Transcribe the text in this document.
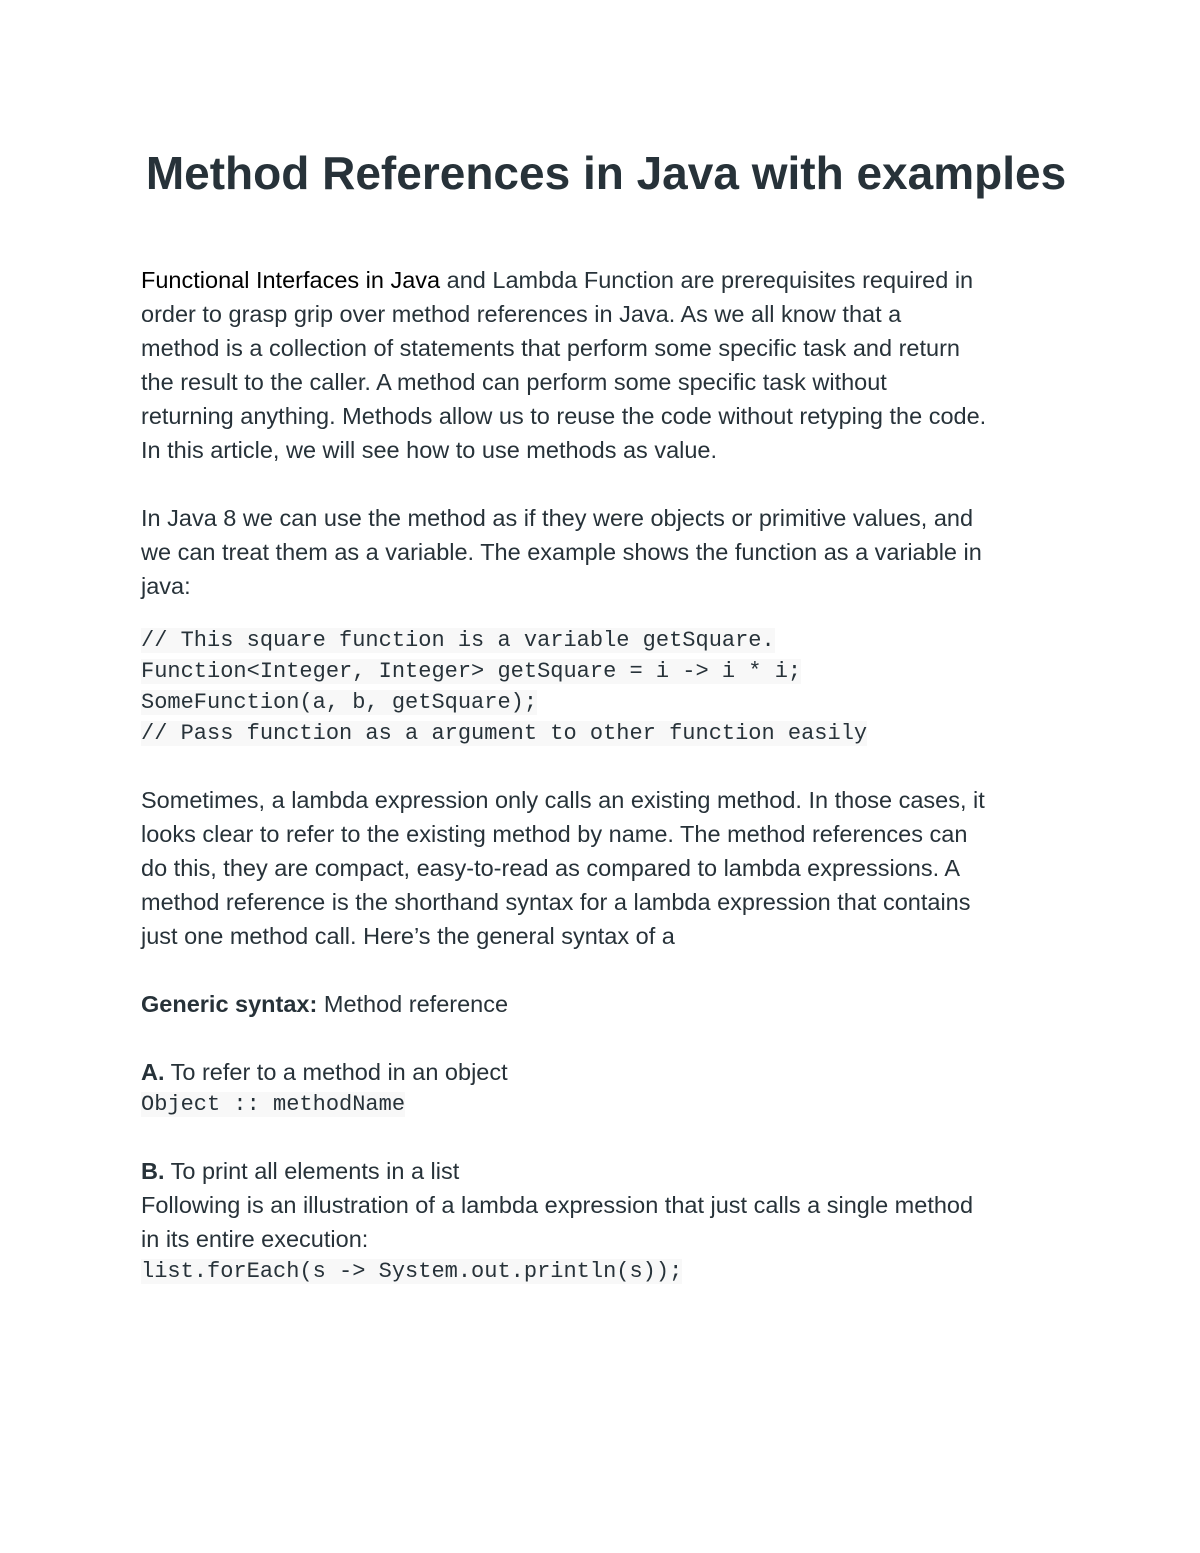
Method References in Java with examples
Functional Interfaces in Java and Lambda Function are prerequisites required in
order to grasp grip over method references in Java. As we all know that a
method is a collection of statements that perform some specific task and return
the result to the caller. A method can perform some specific task without
returning anything. Methods allow us to reuse the code without retyping the code.
In this article, we will see how to use methods as value.
In Java 8 we can use the method as if they were objects or primitive values, and
we can treat them as a variable. The example shows the function as a variable in
java:
// This square function is a variable getSquare.
Function<Integer, Integer> getSquare = i -> i * i;
SomeFunction(a, b, getSquare);
// Pass function as a argument to other function easily
Sometimes, a lambda expression only calls an existing method. In those cases, it
looks clear to refer to the existing method by name. The method references can
do this, they are compact, easy-to-read as compared to lambda expressions. A
method reference is the shorthand syntax for a lambda expression that contains
just one method call. Here’s the general syntax of a
Generic syntax: Method reference
A. To refer to a method in an object
Object :: methodName
B. To print all elements in a list
Following is an illustration of a lambda expression that just calls a single method
in its entire execution:
list.forEach(s -> System.out.println(s));
